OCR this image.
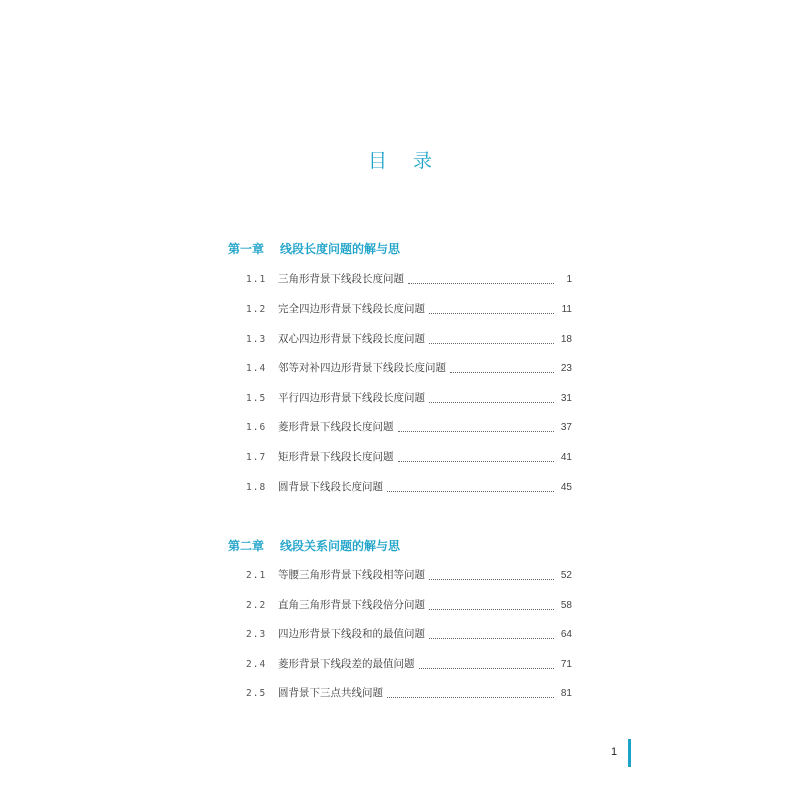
目录
第一章 线段长度问题的解与思
1.1	三角形背景下线段长度问题	1
1.2	完全四边形背景下线段长度问题	11
1.3	双心四边形背景下线段长度问题	18
1.4	邻等对补四边形背景下线段长度问题	23
1.5	平行四边形背景下线段长度问题	31
1.6	菱形背景下线段长度问题	37
1.7	矩形背景下线段长度问题	41
1.8	圆背景下线段长度问题	45
第二章 线段关系问题的解与思
2.1	等腰三角形背景下线段相等问题	52
2.2	直角三角形背景下线段倍分问题	58
2.3	四边形背景下线段和的最值问题	64
2.4	菱形背景下线段差的最值问题	71
2.5	圆背景下三点共线问题	81
1
